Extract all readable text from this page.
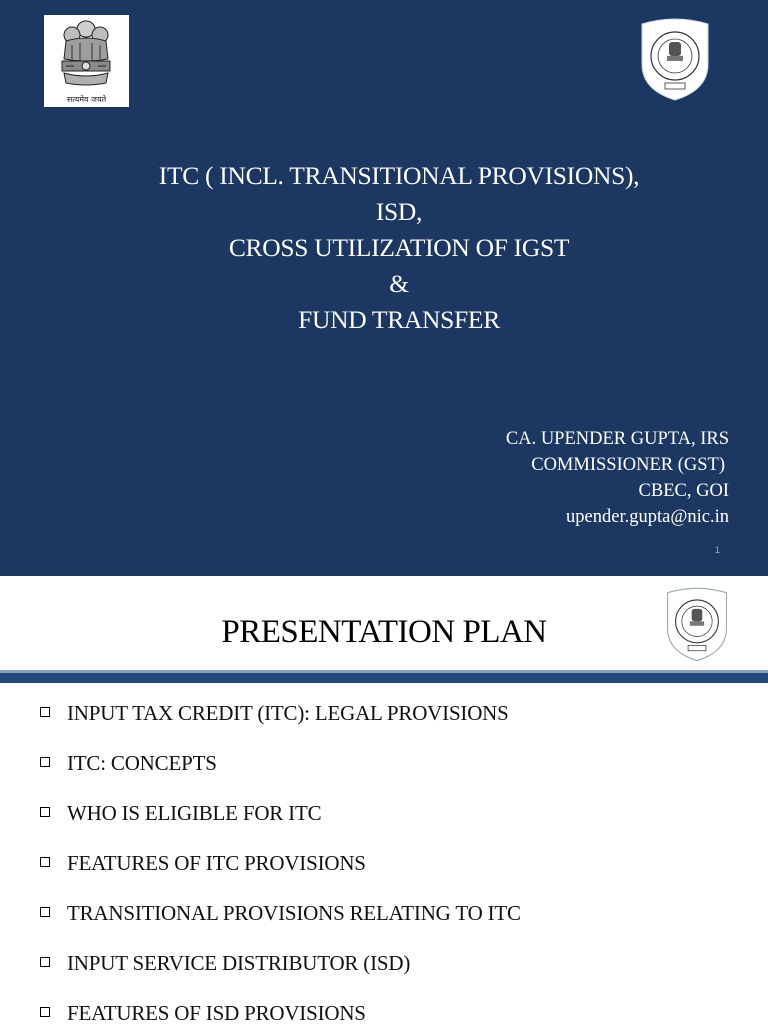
सत्यमेव जयते
ITC ( INCL. TRANSITIONAL PROVISIONS),
ISD,
CROSS UTILIZATION OF IGST
&
FUND TRANSFER
CA. UPENDER GUPTA, IRS
COMMISSIONER (GST)
CBEC, GOI
upender.gupta@nic.in
1
PRESENTATION PLAN
INPUT TAX CREDIT (ITC): LEGAL PROVISIONS
ITC: CONCEPTS
WHO IS ELIGIBLE FOR ITC
FEATURES OF ITC PROVISIONS
TRANSITIONAL PROVISIONS RELATING TO ITC
INPUT SERVICE DISTRIBUTOR (ISD)
FEATURES OF ISD PROVISIONS
